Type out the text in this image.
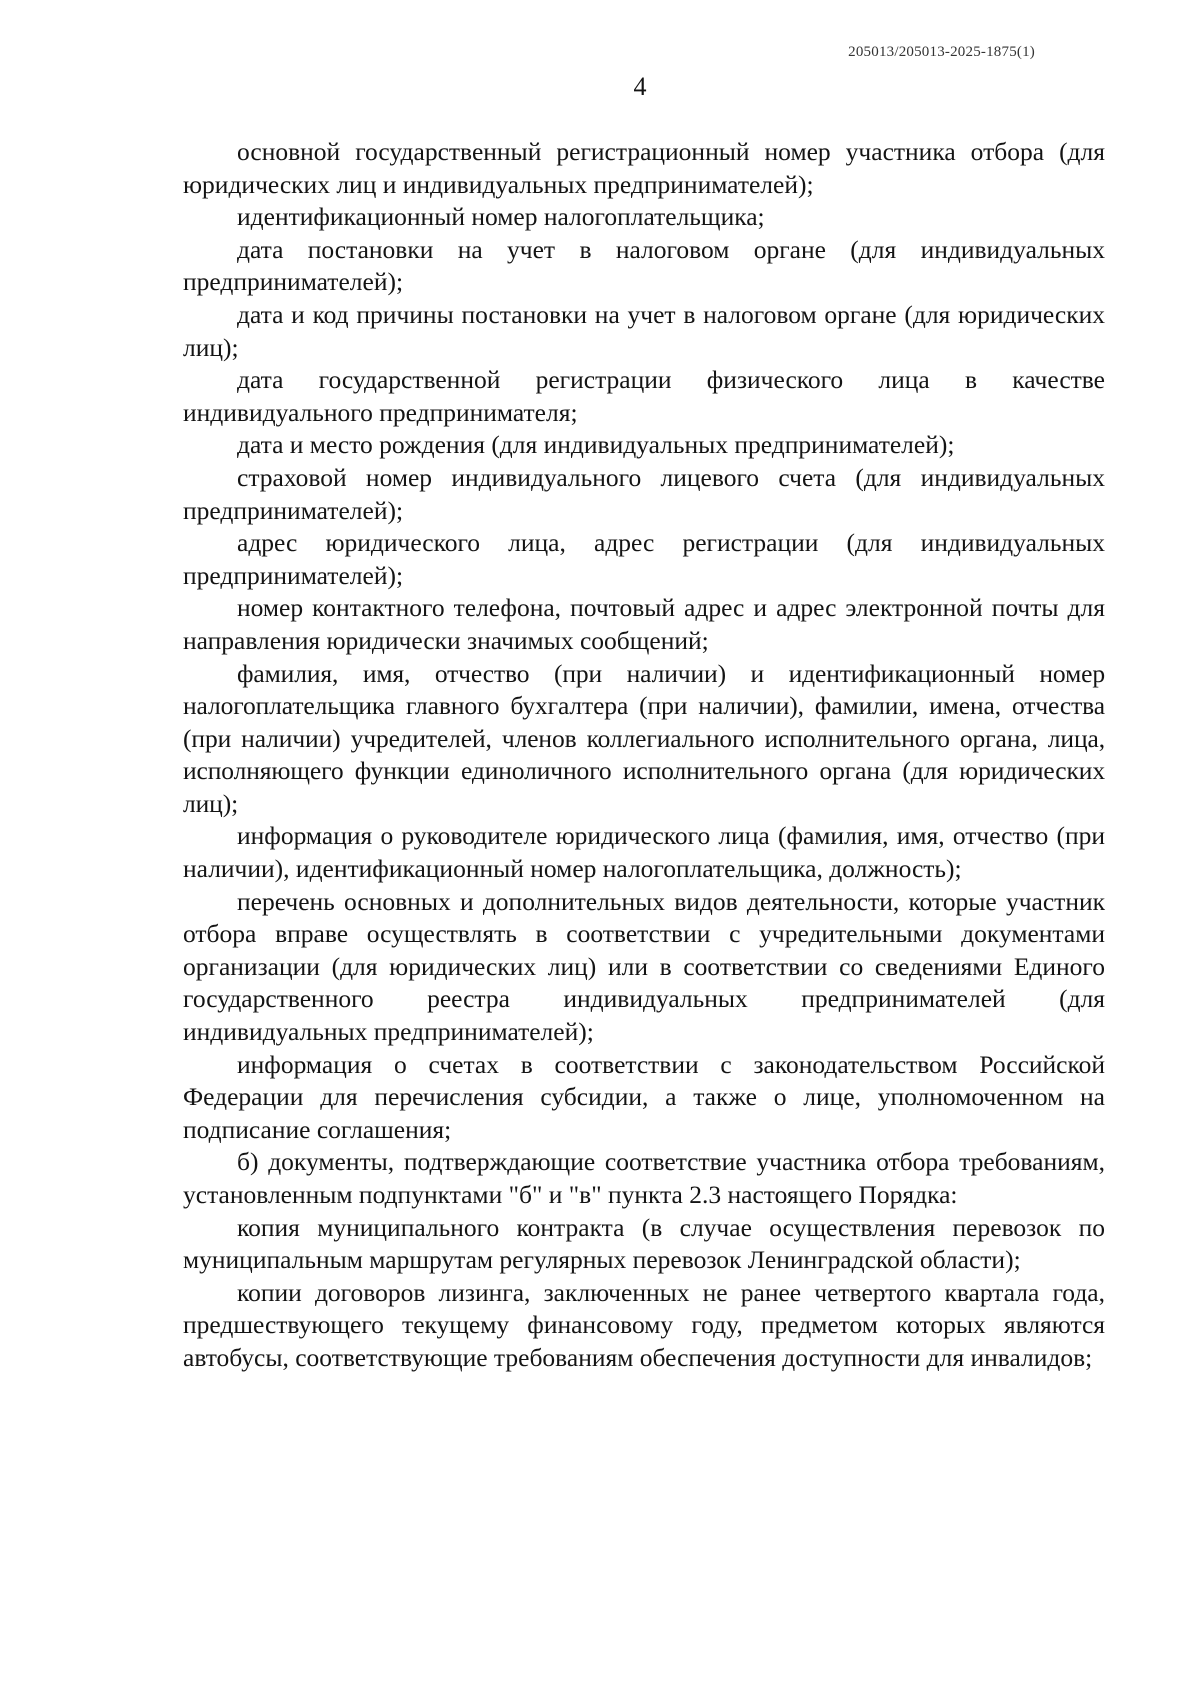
205013/205013-2025-1875(1)
4

основной государственный регистрационный номер участника отбора (для юридических лиц и индивидуальных предпринимателей);

идентификационный номер налогоплательщика;

дата постановки на учет в налоговом органе (для индивидуальных предпринимателей);

дата и код причины постановки на учет в налоговом органе (для юридических лиц);

дата государственной регистрации физического лица в качестве индивидуального предпринимателя;

дата и место рождения (для индивидуальных предпринимателей);

страховой номер индивидуального лицевого счета (для индивидуальных предпринимателей);

адрес юридического лица, адрес регистрации (для индивидуальных предпринимателей);

номер контактного телефона, почтовый адрес и адрес электронной почты для направления юридически значимых сообщений;

фамилия, имя, отчество (при наличии) и идентификационный номер налогоплательщика главного бухгалтера (при наличии), фамилии, имена, отчества (при наличии) учредителей, членов коллегиального исполнительного органа, лица, исполняющего функции единоличного исполнительного органа (для юридических лиц);

информация о руководителе юридического лица (фамилия, имя, отчество (при наличии), идентификационный номер налогоплательщика, должность);

перечень основных и дополнительных видов деятельности, которые участник отбора вправе осуществлять в соответствии с учредительными документами организации (для юридических лиц) или в соответствии со сведениями Единого государственного реестра индивидуальных предпринимателей (для индивидуальных предпринимателей);

информация о счетах в соответствии с законодательством Российской Федерации для перечисления субсидии, а также о лице, уполномоченном на подписание соглашения;

б) документы, подтверждающие соответствие участника отбора требованиям, установленным подпунктами "б" и "в" пункта 2.3 настоящего Порядка:

копия муниципального контракта (в случае осуществления перевозок по муниципальным маршрутам регулярных перевозок Ленинградской области);

копии договоров лизинга, заключенных не ранее четвертого квартала года, предшествующего текущему финансовому году, предметом которых являются автобусы, соответствующие требованиям обеспечения доступности для инвалидов;
